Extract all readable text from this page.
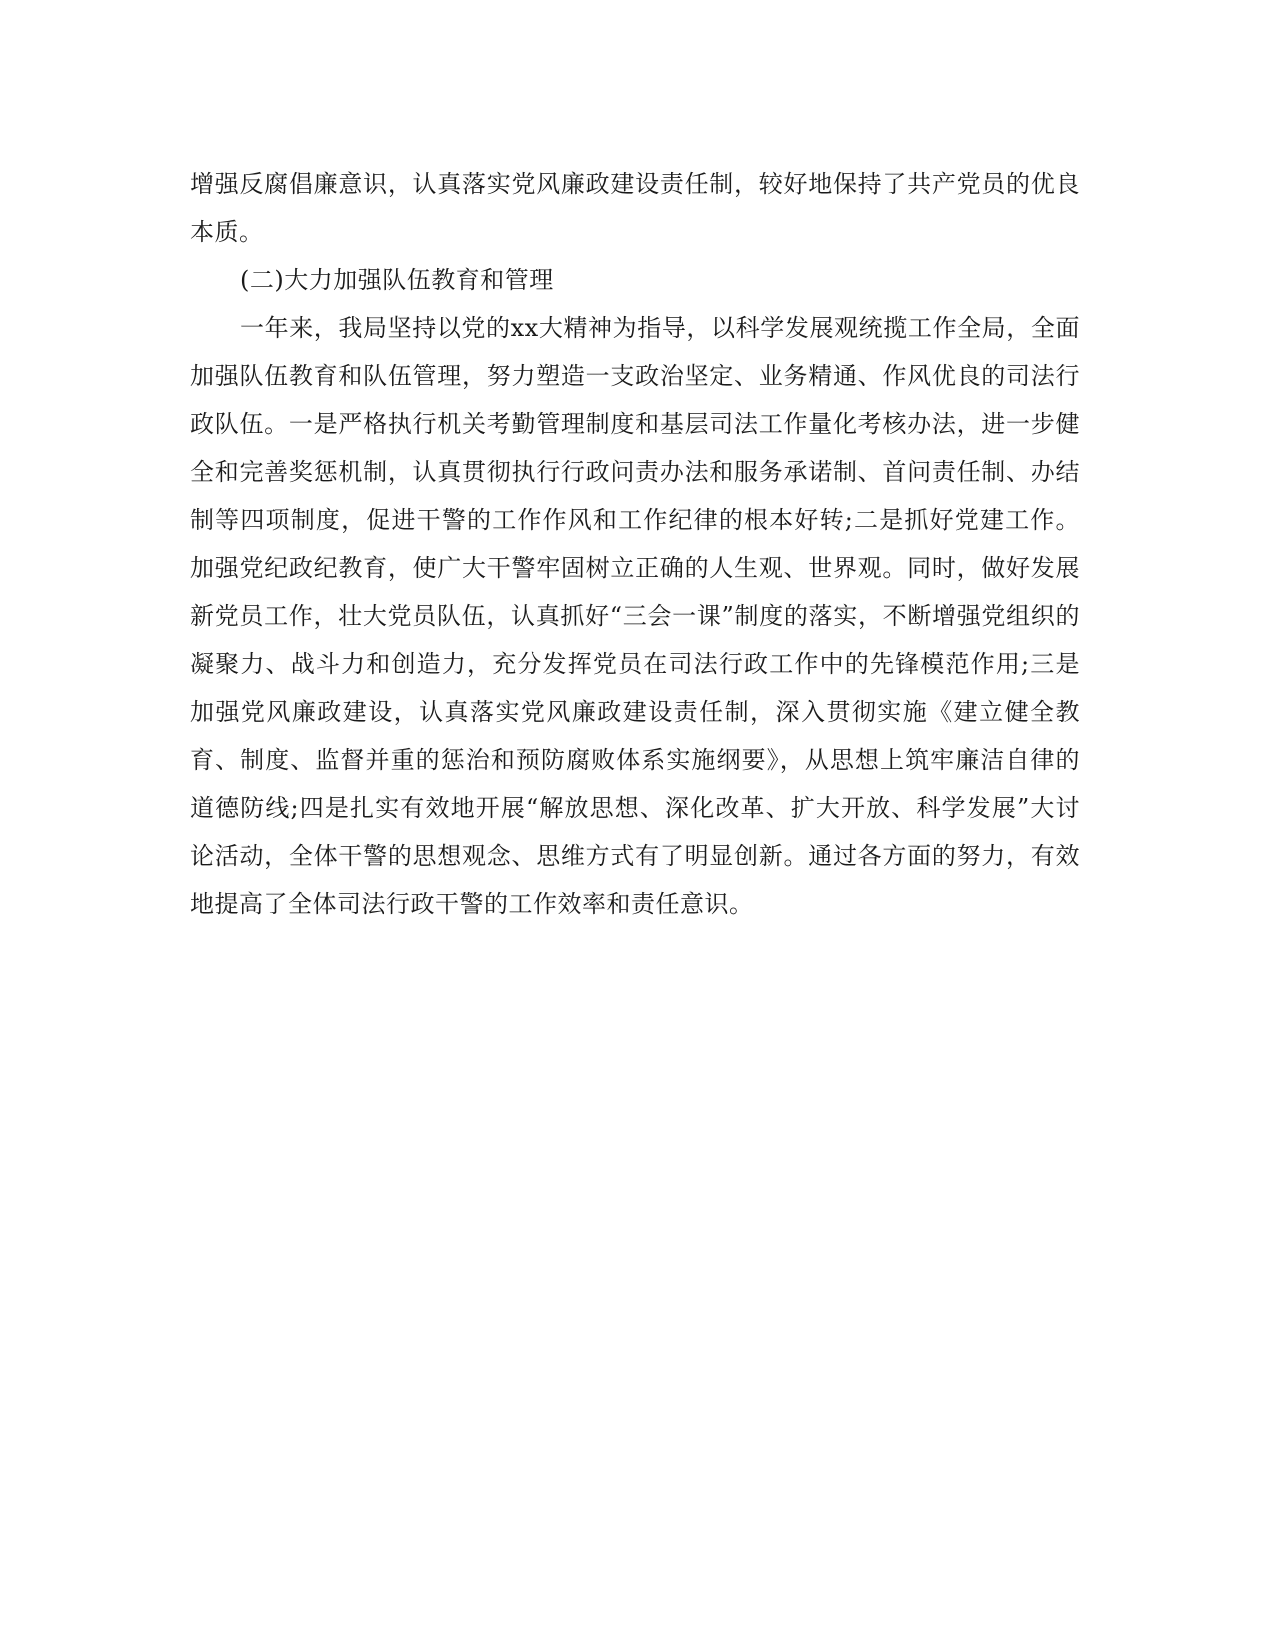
增强反腐倡廉意识，认真落实党风廉政建设责任制，较好地保持了共产党员的优良本质。

(二)大力加强队伍教育和管理

一年来，我局坚持以党的xx大精神为指导，以科学发展观统揽工作全局，全面加强队伍教育和队伍管理，努力塑造一支政治坚定、业务精通、作风优良的司法行政队伍。一是严格执行机关考勤管理制度和基层司法工作量化考核办法，进一步健全和完善奖惩机制，认真贯彻执行行政问责办法和服务承诺制、首问责任制、办结制等四项制度，促进干警的工作作风和工作纪律的根本好转;二是抓好党建工作。加强党纪政纪教育，使广大干警牢固树立正确的人生观、世界观。同时，做好发展新党员工作，壮大党员队伍，认真抓好“三会一课”制度的落实，不断增强党组织的凝聚力、战斗力和创造力，充分发挥党员在司法行政工作中的先锋模范作用;三是加强党风廉政建设，认真落实党风廉政建设责任制，深入贯彻实施《建立健全教育、制度、监督并重的惩治和预防腐败体系实施纲要》，从思想上筑牢廉洁自律的道德防线;四是扎实有效地开展“解放思想、深化改革、扩大开放、科学发展”大讨论活动，全体干警的思想观念、思维方式有了明显创新。通过各方面的努力，有效地提高了全体司法行政干警的工作效率和责任意识。
